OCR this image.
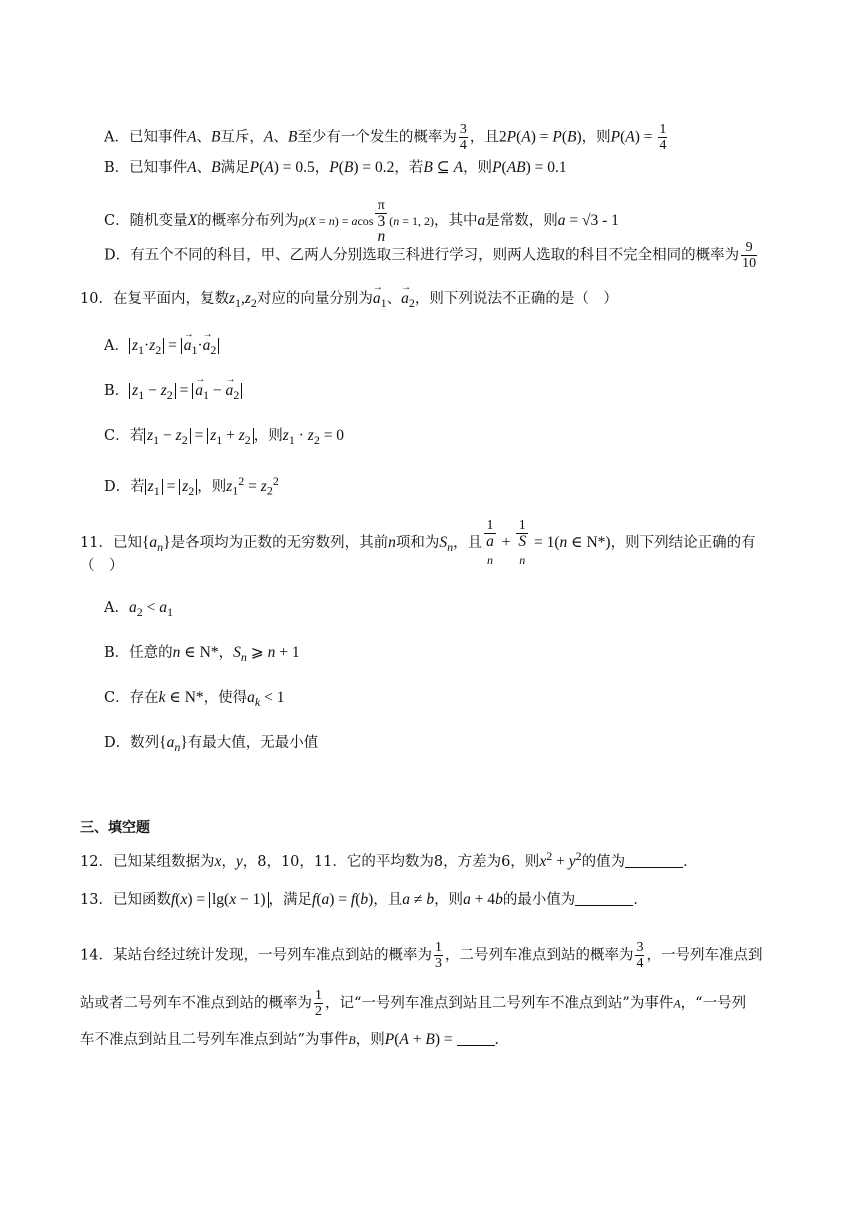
A．已知事件A、B互斥，A、B至少有一个发生的概率为 $\frac{3}{4}$ ，且2P(A) = P(B)，则$P(A) = \frac{1}{4}$
B．已知事件A、B满足P(A) = 0.5，P(B) = 0.2，若B ⊆ A，则P(AB) = 0.1
C．随机变量X的概率分布列为p(X = n) = acos π
3
n (n = 1, 2)，其中a是常数，则a = √3 - 1
D．有五个不同的科目，甲、乙两人分别选取三科进行学习，则两人选取的科目不完全相同的概率为 $\frac{9}{10}$
10．在复平面内，复数$z_1,z_2$对应的向量分别为→ $a_1$、→ $a_2$，则下列说法不正确的是（　）
A． $z_1\cdot z_2$ = → $a_1\cdot\to a_2$
B． $z_1 - z_2$ = → $a_1$ − → $a_2$
C．若 $z_1 - z_2 = z_1 + z_2$ ，则$z_1 \cdot z_2 = 0$
D．若 $z_1 = z_2$ ，则$z_1^2 = z_2^2$
11．已知$\{a_n\}$是各项均为正数的无穷数列，其前n项和为$S_n$，且 1
a
$_n$ + 1
S
$_n$ = 1(n ∈ N*)，则下列结论正确的有
（　）
A．$a_2 < a_1$
B．任意的n ∈ N*，$S_n$ ⩾ n + 1
C．存在k ∈ N*，使得$a_k < 1$
D．数列$\{a_n\}$有最大值，无最小值
三、填空题
12．已知某组数据为x，y，8，10，11．它的平均数为8，方差为6，则$x^2 + y^2$的值为	．
13．已知函数f(x) = lg(x − 1) ，满足f(a) = f(b)，且a ≠ b，则a + 4b的最小值为	．
14．某站台经过统计发现，一号列车准点到站的概率为 $\frac{1}{3}$ ，二号列车准点到站的概率为 $\frac{3}{4}$ ，一号列车准点到
站或者二号列车不准点到站的概率为 $\frac{1}{2}$ ，记“一号列车准点到站且二号列车不准点到站”为事件A，“一号列
车不准点到站且二号列车准点到站”为事件B，则P(A + B) =	．
